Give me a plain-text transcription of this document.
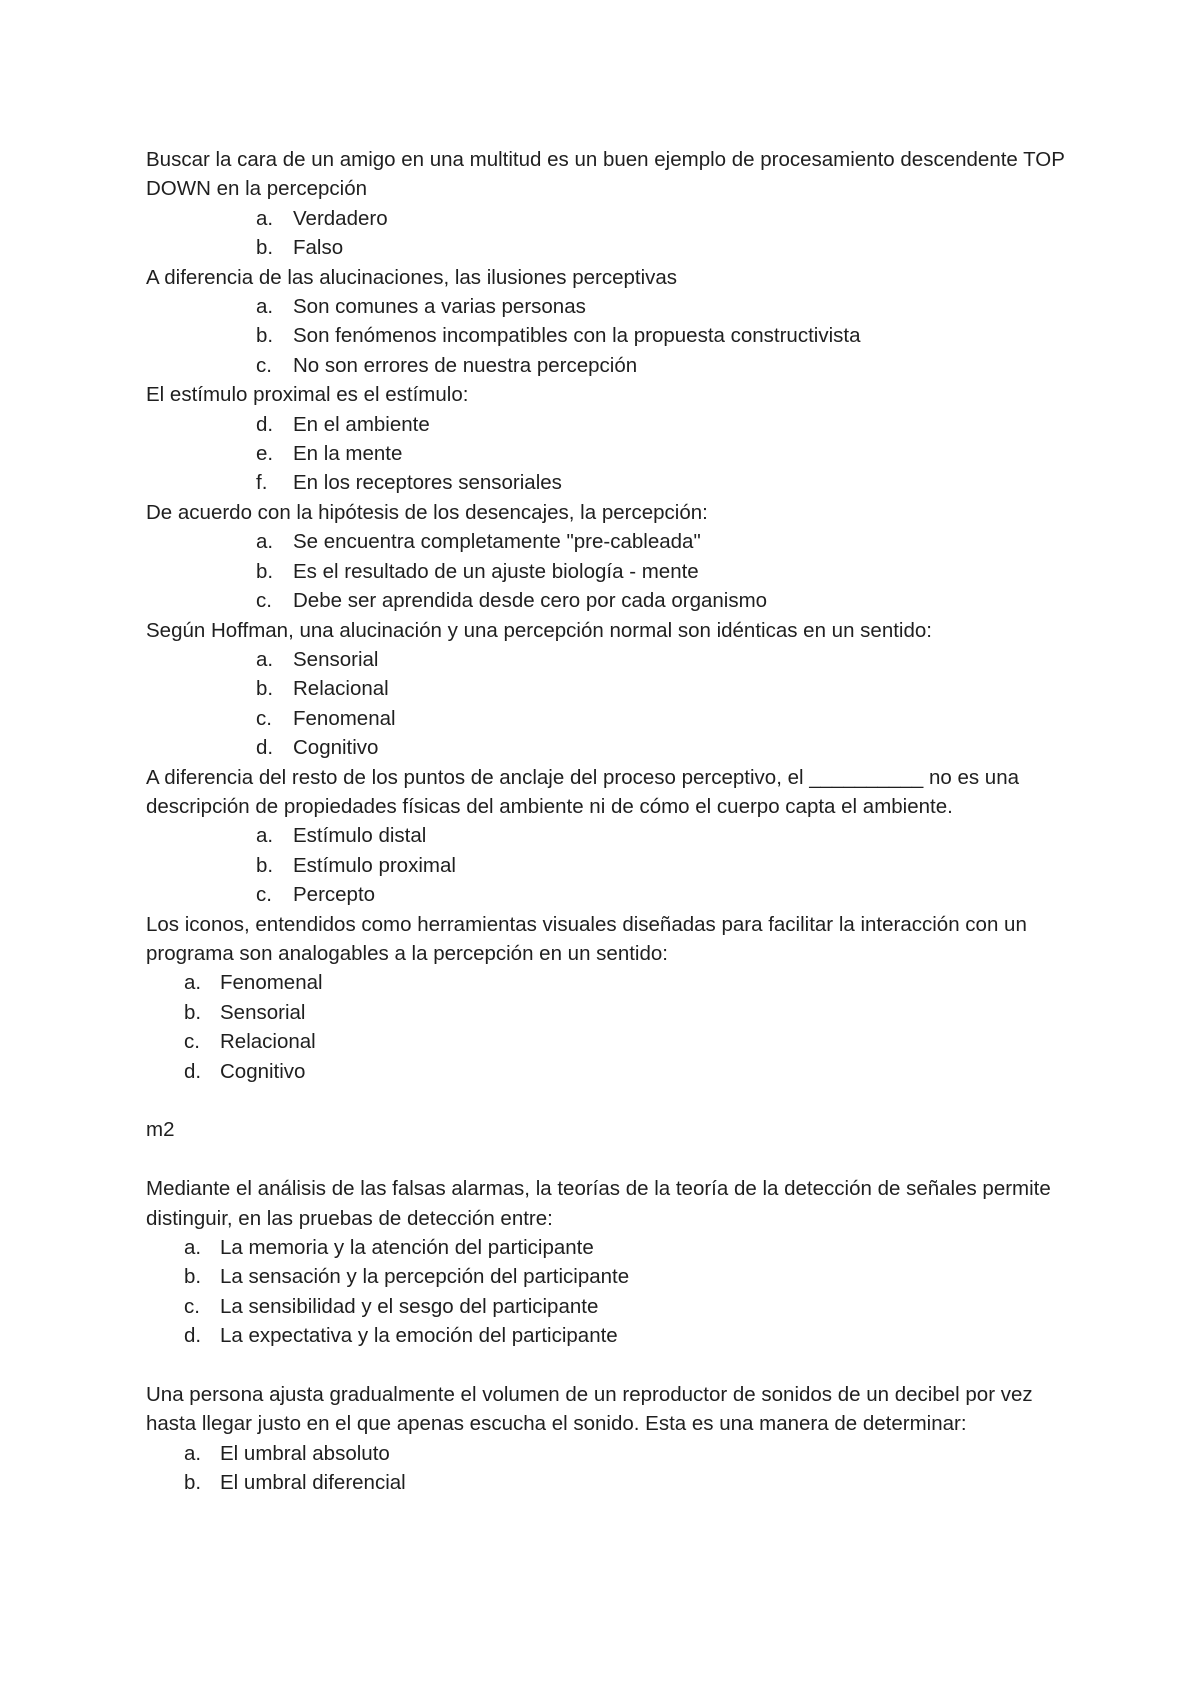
Buscar la cara de un amigo en una multitud es un buen ejemplo de procesamiento descendente TOP DOWN en la percepción

a. Verdadero
b. Falso

A diferencia de las alucinaciones, las ilusiones perceptivas

a. Son comunes a varias personas
b. Son fenómenos incompatibles con la propuesta constructivista
c.	No son errores de nuestra percepción

El estímulo proximal es el estímulo:

d. En el ambiente
e. En la mente
f.	En los receptores sensoriales

De acuerdo con la hipótesis de los desencajes, la percepción:

a. Se encuentra completamente "pre-cableada"
b. Es el resultado de un ajuste biología - mente
c.	Debe ser aprendida desde cero por cada organismo

Según Hoffman, una alucinación y una percepción normal son idénticas en un sentido:

a. Sensorial
b. Relacional
c.	Fenomenal
d. Cognitivo

A diferencia del resto de los puntos de anclaje del proceso perceptivo, el __________ no es una descripción de propiedades físicas del ambiente ni de cómo el cuerpo capta el ambiente.

a. Estímulo distal
b. Estímulo proximal
c.	Percepto

Los iconos, entendidos como herramientas visuales diseñadas para facilitar la interacción con un programa son analogables a la percepción en un sentido:

a. Fenomenal
b. Sensorial
c. Relacional
d. Cognitivo

m2

Mediante el análisis de las falsas alarmas, la teorías de la teoría de la detección de señales permite distinguir, en las pruebas de detección entre:

a. La memoria y la atención del participante
b. La sensación y la percepción del participante
c. La sensibilidad y el sesgo del participante
d. La expectativa y la emoción del participante

Una persona ajusta gradualmente el volumen de un reproductor de sonidos de un decibel por vez hasta llegar justo en el que apenas escucha el sonido. Esta es una manera de determinar:

a. El umbral absoluto
b. El umbral diferencial
